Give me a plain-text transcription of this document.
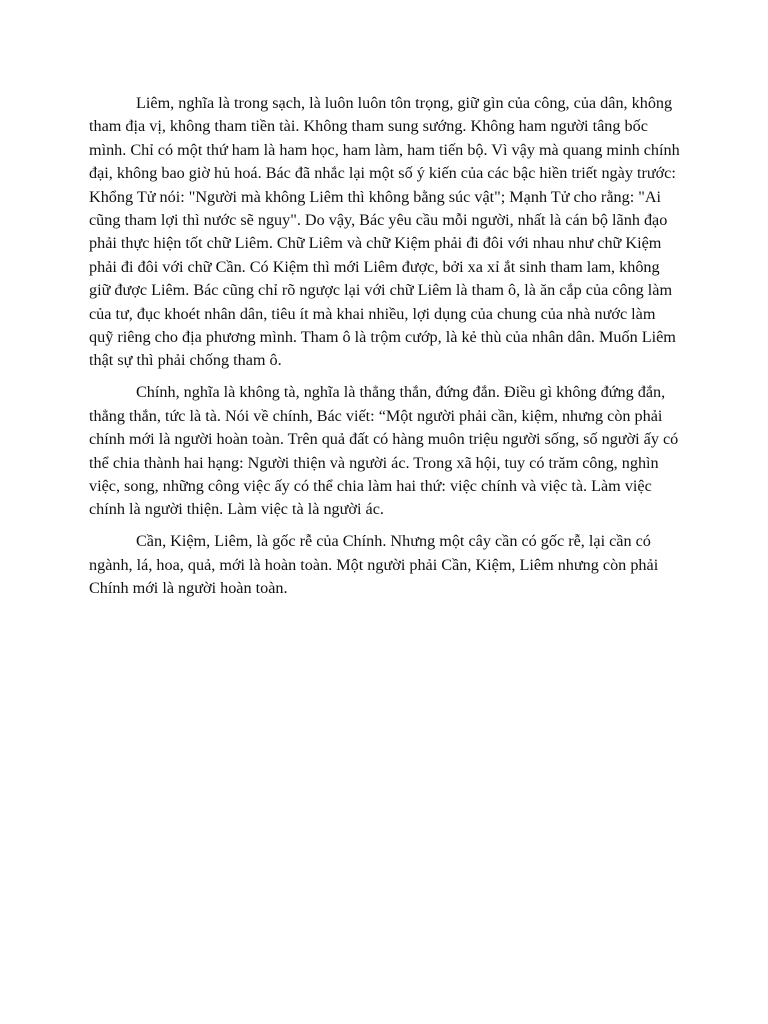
Liêm, nghĩa là trong sạch, là luôn luôn tôn trọng, giữ gìn của công, của dân, không tham địa vị, không tham tiền tài. Không tham sung sướng. Không ham người tâng bốc mình. Chỉ có một thứ ham là ham học, ham làm, ham tiến bộ. Vì vậy mà quang minh chính đại, không bao giờ hủ hoá. Bác đã nhắc lại một số ý kiến của các bậc hiền triết ngày trước: Khổng Tử nói: "Người mà không Liêm thì không bằng súc vật"; Mạnh Tử cho rằng: "Ai cũng tham lợi thì nước sẽ nguy". Do vậy, Bác yêu cầu mỗi người, nhất là cán bộ lãnh đạo phải thực hiện tốt chữ Liêm. Chữ Liêm và chữ Kiệm phải đi đôi với nhau như chữ Kiệm phải đi đôi với chữ Cần. Có Kiệm thì mới Liêm được, bởi xa xỉ ắt sinh tham lam, không giữ được Liêm. Bác cũng chỉ rõ ngược lại với chữ Liêm là tham ô, là ăn cắp của công làm của tư, đục khoét nhân dân, tiêu ít mà khai nhiều, lợi dụng của chung của nhà nước làm quỹ riêng cho địa phương mình. Tham ô là trộm cướp, là kẻ thù của nhân dân. Muốn Liêm thật sự thì phải chống tham ô.

Chính, nghĩa là không tà, nghĩa là thẳng thắn, đứng đắn. Điều gì không đứng đắn, thẳng thắn, tức là tà. Nói về chính, Bác viết: “Một người phải cần, kiệm, nhưng còn phải chính mới là người hoàn toàn. Trên quả đất có hàng muôn triệu người sống, số người ấy có thể chia thành hai hạng: Người thiện và người ác. Trong xã hội, tuy có trăm công, nghìn việc, song, những công việc ấy có thể chia làm hai thứ: việc chính và việc tà. Làm việc chính là người thiện. Làm việc tà là người ác.

Cần, Kiệm, Liêm, là gốc rễ của Chính. Nhưng một cây cần có gốc rễ, lại cần có ngành, lá, hoa, quả, mới là hoàn toàn. Một người phải Cần, Kiệm, Liêm nhưng còn phải Chính mới là người hoàn toàn.
